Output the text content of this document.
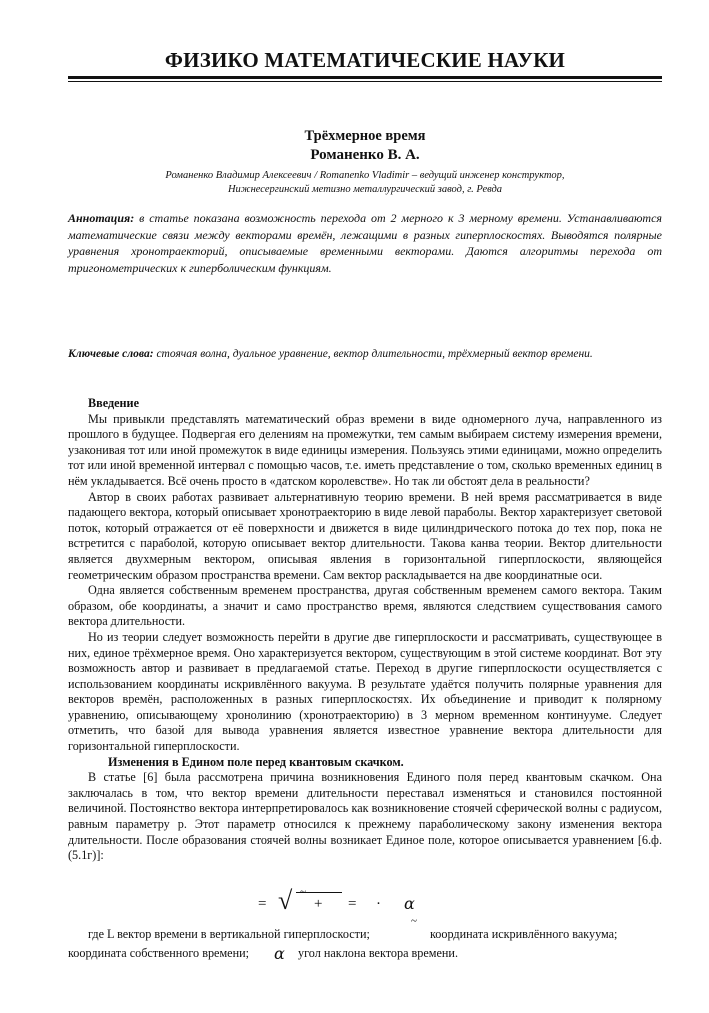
ФИЗИКО МАТЕМАТИЧЕСКИЕ НАУКИ
Трёхмерное время
Романенко В. А.
Романенко Владимир Алексеевич / Romanenko Vladimir – ведущий инженер конструктор,
Нижнесергинский метизно металлургический завод, г. Ревда
Аннотация: в статье показана возможность перехода от 2 мерного к 3 мерному времени. Устанавливаются математические связи между векторами времён, лежащими в разных гиперплоскостях. Выводятся полярные уравнения хронотраекторий, описываемые временными векторами. Даются алгоритмы перехода от тригонометрических к гиперболическим функциям.
Ключевые слова: стоячая волна, дуальное уравнение, вектор длительности, трёхмерный вектор времени.

Введение

Мы привыкли представлять математический образ времени в виде одномерного луча, направленного из прошлого в будущее. Подвергая его делениям на промежутки, тем самым выбираем систему измерения времени, узаконивая тот или иной промежуток в виде единицы измерения. Пользуясь этими единицами, можно определить тот или иной временной интервал с помощью часов, т.е. иметь представление о том, сколько временных единиц в нём укладывается. Всё очень просто в «датском королевстве». Но так ли обстоят дела в реальности?

Автор в своих работах развивает альтернативную теорию времени. В ней время рассматривается в виде падающего вектора, который описывает хронотраекторию в виде левой параболы. Вектор характеризует световой поток, который отражается от её поверхности и движется в виде цилиндрического потока до тех пор, пока не встретится с параболой, которую описывает вектор длительности. Такова канва теории. Вектор длительности является двухмерным вектором, описывая явления в горизонтальной гиперплоскости, являющейся геометрическим образом пространства времени. Сам вектор раскладывается на две координатные оси.

Одна является собственным временем пространства, другая собственным временем самого вектора. Таким образом, обе координаты, а значит и само пространство время, являются следствием существования самого вектора длительности.

Но из теории следует возможность перейти в другие две гиперплоскости и рассматривать, существующее в них, единое трёхмерное время. Оно характеризуется вектором, существующим в этой системе координат. Вот эту возможность автор и развивает в предлагаемой статье. Переход в другие гиперплоскости осуществляется с использованием координаты искривлённого вакуума. В результате удаётся получить полярные уравнения для векторов времён, расположенных в разных гиперплоскостях. Их объединение и приводит к полярному уравнению, описывающему хронолинию (хронотраекторию) в 3 мерном временном континууме. Следует отметить, что базой для вывода уравнения является известное уравнение вектора длительности для горизонтальной гиперплоскости.

Изменения в Едином поле перед квантовым скачком.

В статье [6] была рассмотрена причина возникновения Единого поля перед квантовым скачком. Она заключалась в том, что вектор времени длительности переставал изменяться и становился постоянной величиной. Постоянство вектора интерпретировалось как возникновение стоячей сферической волны с радиусом, равным параметру p. Этот параметр относился к прежнему параболическому закону изменения вектора длительности. После образования стоячей волны возникает Единое поле, которое описывается уравнением [6.ф. (5.1г)]:

= √ ~
+ = · α
где L вектор времени в вертикальной гиперплоскости;
~
координата искривлённого вакуума;
координата собственного времени; α угол наклона вектора времени.
